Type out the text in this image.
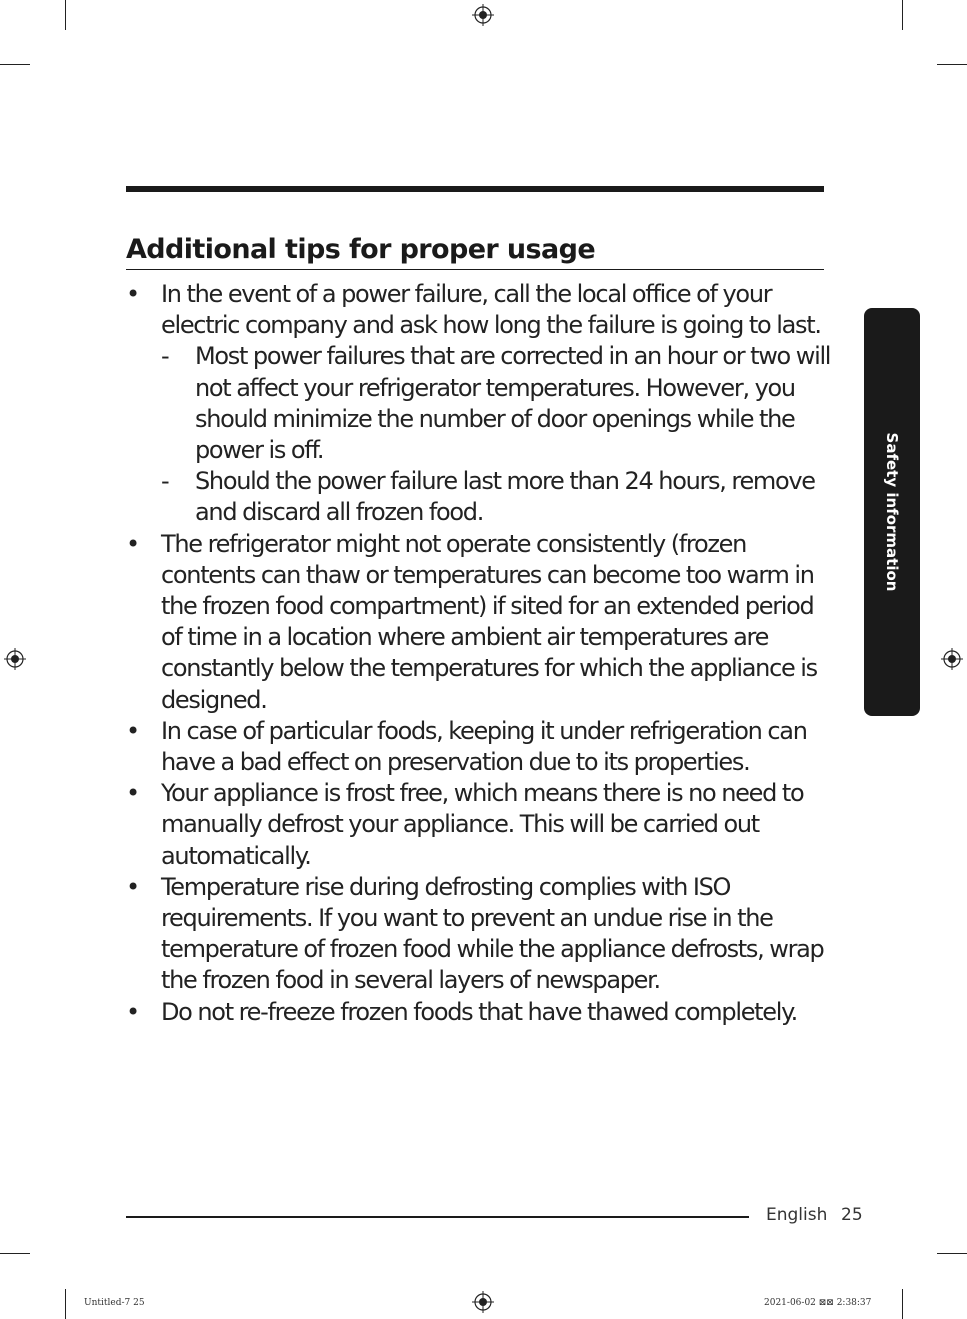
Additional tips for proper usage
• In the event of a power failure, call the local office of your electric company and ask how long the failure is going to last.
- Most power failures that are corrected in an hour or two will not affect your refrigerator temperatures. However, you should minimize the number of door openings while the power is off.
- Should the power failure last more than 24 hours, remove and discard all frozen food.
• The refrigerator might not operate consistently (frozen contents can thaw or temperatures can become too warm in the frozen food compartment) if sited for an extended period of time in a location where ambient air temperatures are constantly below the temperatures for which the appliance is designed.
• In case of particular foods, keeping it under refrigeration can have a bad effect on preservation due to its properties.
• Your appliance is frost free, which means there is no need to manually defrost your appliance. This will be carried out automatically.
• Temperature rise during defrosting complies with ISO requirements. If you want to prevent an undue rise in the temperature of frozen food while the appliance defrosts, wrap the frozen food in several layers of newspaper.
• Do not re-freeze frozen foods that have thawed completely.
Safety information
English 25
Untitled-7 25	2021-06-02 ⊠⊠ 2:38:37
